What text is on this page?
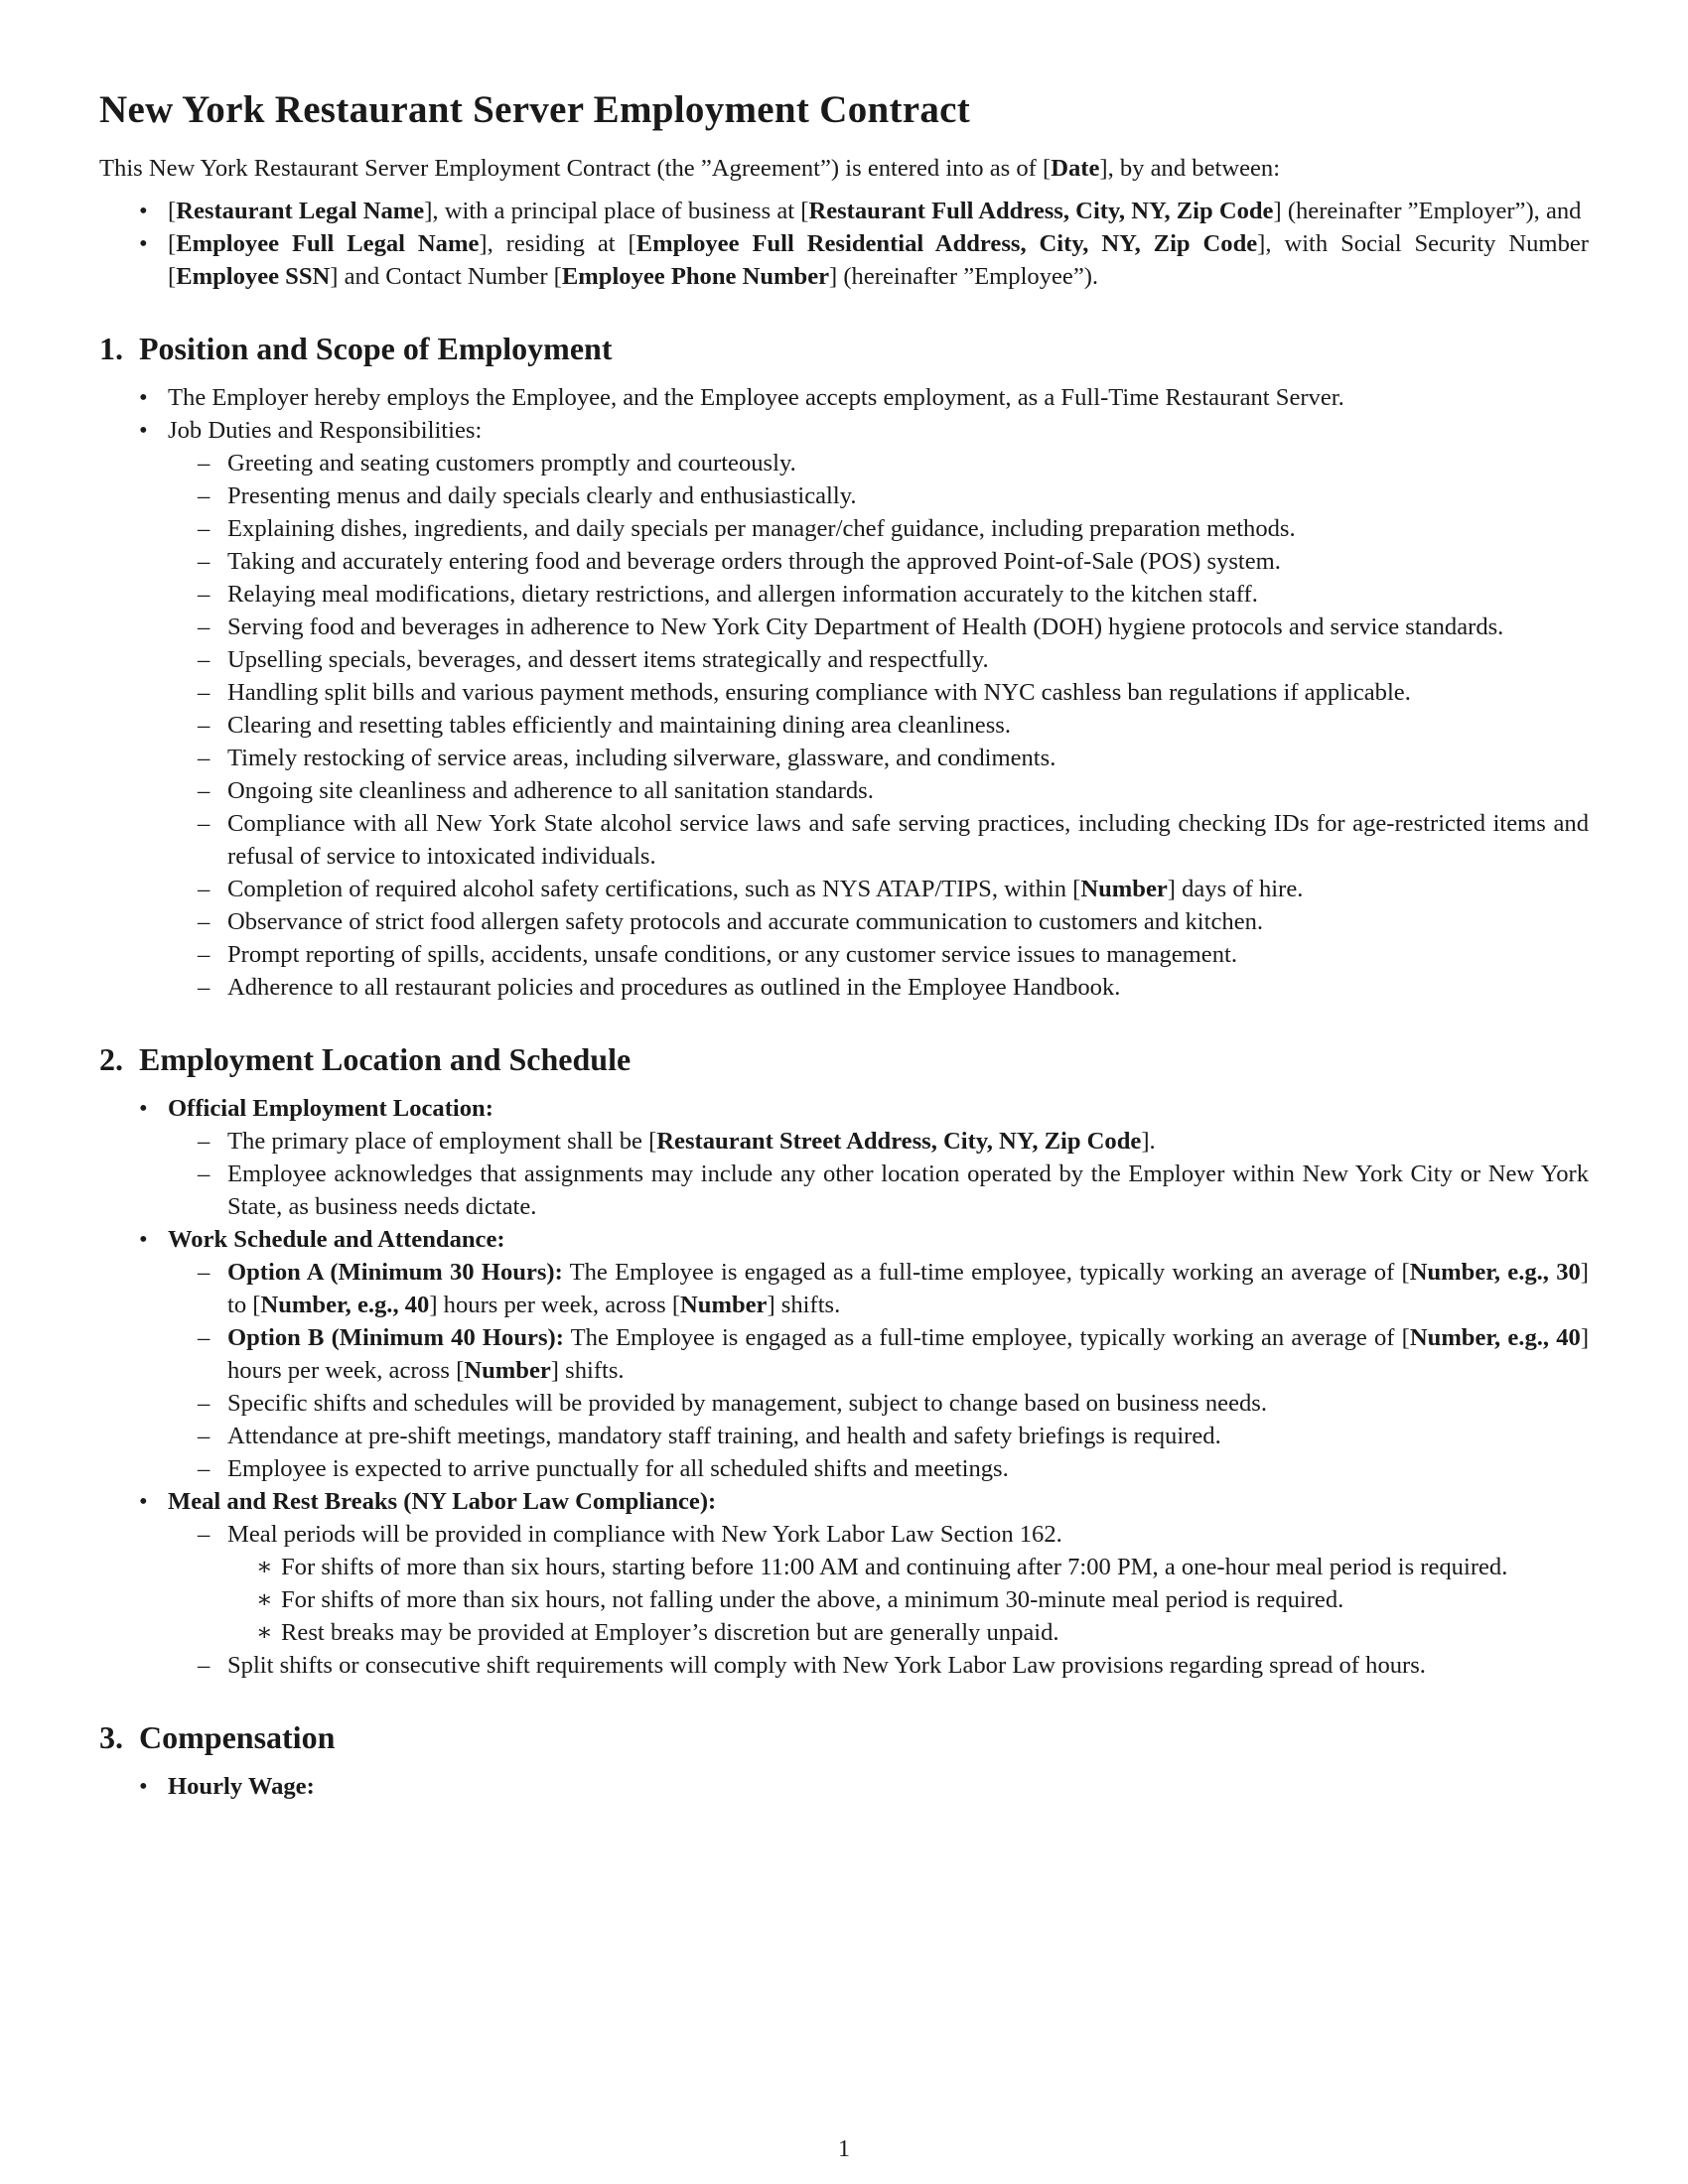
New York Restaurant Server Employment Contract

This New York Restaurant Server Employment Contract (the ”Agreement”) is entered into as of [Date], by and between:

• [Restaurant Legal Name], with a principal place of business at [Restaurant Full Address, City, NY, Zip Code] (hereinafter ”Employer”), and
• [Employee Full Legal Name], residing at [Employee Full Residential Address, City, NY, Zip Code], with Social Security Number [Employee SSN] and Contact Number [Employee Phone Number] (hereinafter ”Employee”).
1. Position and Scope of Employment
• The Employer hereby employs the Employee, and the Employee accepts employment, as a Full-Time Restaurant Server.
• Job Duties and Responsibilities:
– Greeting and seating customers promptly and courteously.
– Presenting menus and daily specials clearly and enthusiastically.
– Explaining dishes, ingredients, and daily specials per manager/chef guidance, including preparation methods.
– Taking and accurately entering food and beverage orders through the approved Point-of-Sale (POS) system.
– Relaying meal modifications, dietary restrictions, and allergen information accurately to the kitchen staff.
– Serving food and beverages in adherence to New York City Department of Health (DOH) hygiene protocols and service standards.
– Upselling specials, beverages, and dessert items strategically and respectfully.
– Handling split bills and various payment methods, ensuring compliance with NYC cashless ban regulations if applicable.
– Clearing and resetting tables efficiently and maintaining dining area cleanliness.
– Timely restocking of service areas, including silverware, glassware, and condiments.
– Ongoing site cleanliness and adherence to all sanitation standards.
– Compliance with all New York State alcohol service laws and safe serving practices, including checking IDs for age-restricted items and refusal of service to intoxicated individuals.
– Completion of required alcohol safety certifications, such as NYS ATAP/TIPS, within [Number] days of hire.
– Observance of strict food allergen safety protocols and accurate communication to customers and kitchen.
– Prompt reporting of spills, accidents, unsafe conditions, or any customer service issues to management.
– Adherence to all restaurant policies and procedures as outlined in the Employee Handbook.
2. Employment Location and Schedule
• Official Employment Location:
– The primary place of employment shall be [Restaurant Street Address, City, NY, Zip Code].
– Employee acknowledges that assignments may include any other location operated by the Employer within New York City or New York State, as business needs dictate.
• Work Schedule and Attendance:
– Option A (Minimum 30 Hours): The Employee is engaged as a full-time employee, typically working an average of [Number, e.g., 30] to [Number, e.g., 40] hours per week, across [Number] shifts.
– Option B (Minimum 40 Hours): The Employee is engaged as a full-time employee, typically working an average of [Number, e.g., 40] hours per week, across [Number] shifts.
– Specific shifts and schedules will be provided by management, subject to change based on business needs.
– Attendance at pre-shift meetings, mandatory staff training, and health and safety briefings is required.
– Employee is expected to arrive punctually for all scheduled shifts and meetings.
• Meal and Rest Breaks (NY Labor Law Compliance):
– Meal periods will be provided in compliance with New York Labor Law Section 162.
∗ For shifts of more than six hours, starting before 11:00 AM and continuing after 7:00 PM, a one-hour meal period is required.
∗ For shifts of more than six hours, not falling under the above, a minimum 30-minute meal period is required.
∗ Rest breaks may be provided at Employer’s discretion but are generally unpaid.
– Split shifts or consecutive shift requirements will comply with New York Labor Law provisions regarding spread of hours.
3. Compensation
• Hourly Wage:
1
